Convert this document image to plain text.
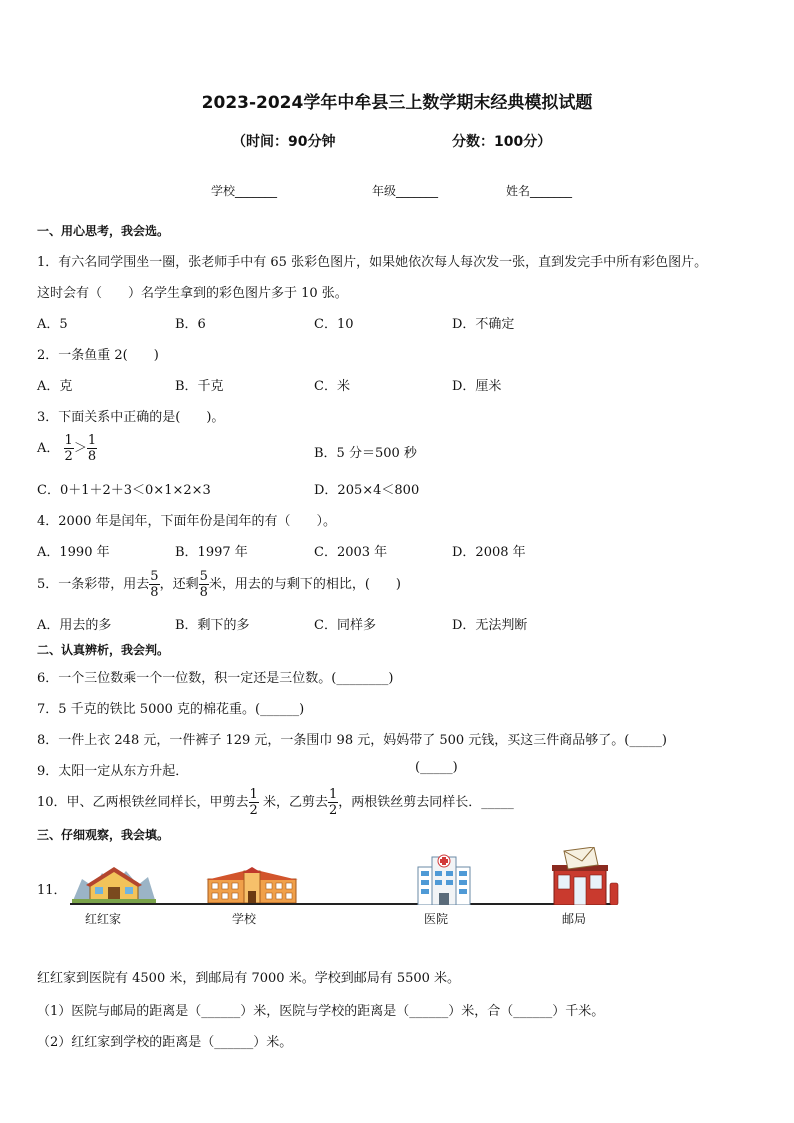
2023-2024学年中牟县三上数学期末经典模拟试题
（时间：90分钟	分数：100分）
学校_______	年级_______	姓名_______
一、用心思考，我会选。
1．有六名同学围坐一圈，张老师手中有 65 张彩色图片，如果她依次每人每次发一张，直到发完手中所有彩色图片。
这时会有（　　）名学生拿到的彩色图片多于 10 张。
A．5	B．6	C．10	D．不确定
2．一条鱼重 2(　　)
A．克	B．千克	C．米	D．厘米
3．下面关系中正确的是(　　)。
A． $\frac{1}{2} > \frac{1}{8}$	B．5 分＝500 秒
C．0＋1＋2＋3＜0×1×2×3	D．205×4＜800
4．2000 年是闰年，下面年份是闰年的有（　　）。
A．1990 年	B．1997 年	C．2003 年	D．2008 年
5．一条彩带，用去 $\frac{5}{8}$ ，还剩 $\frac{5}{8}$ 米，用去的与剩下的相比，(　　)
A．用去的多	B．剩下的多	C．同样多	D．无法判断
二、认真辨析，我会判。
6．一个三位数乘一个一位数，积一定还是三位数。(________)
7．5 千克的铁比 5000 克的棉花重。(______)
8．一件上衣 248 元，一件裤子 129 元，一条围巾 98 元，妈妈带了 500 元钱，买这三件商品够了。(_____)
9．太阳一定从东方升起．	(_____)
10．甲、乙两根铁丝同样长，甲剪去 $\frac{1}{2}$ 米，乙剪去 $\frac{1}{2}$ ，两根铁丝剪去同样长．_____
三、仔细观察，我会填。
11．
红红家	学校	医院	邮局
红红家到医院有 4500 米，到邮局有 7000 米。学校到邮局有 5500 米。
（1）医院与邮局的距离是（______）米，医院与学校的距离是（______）米，合（______）千米。
（2）红红家到学校的距离是（______）米。
